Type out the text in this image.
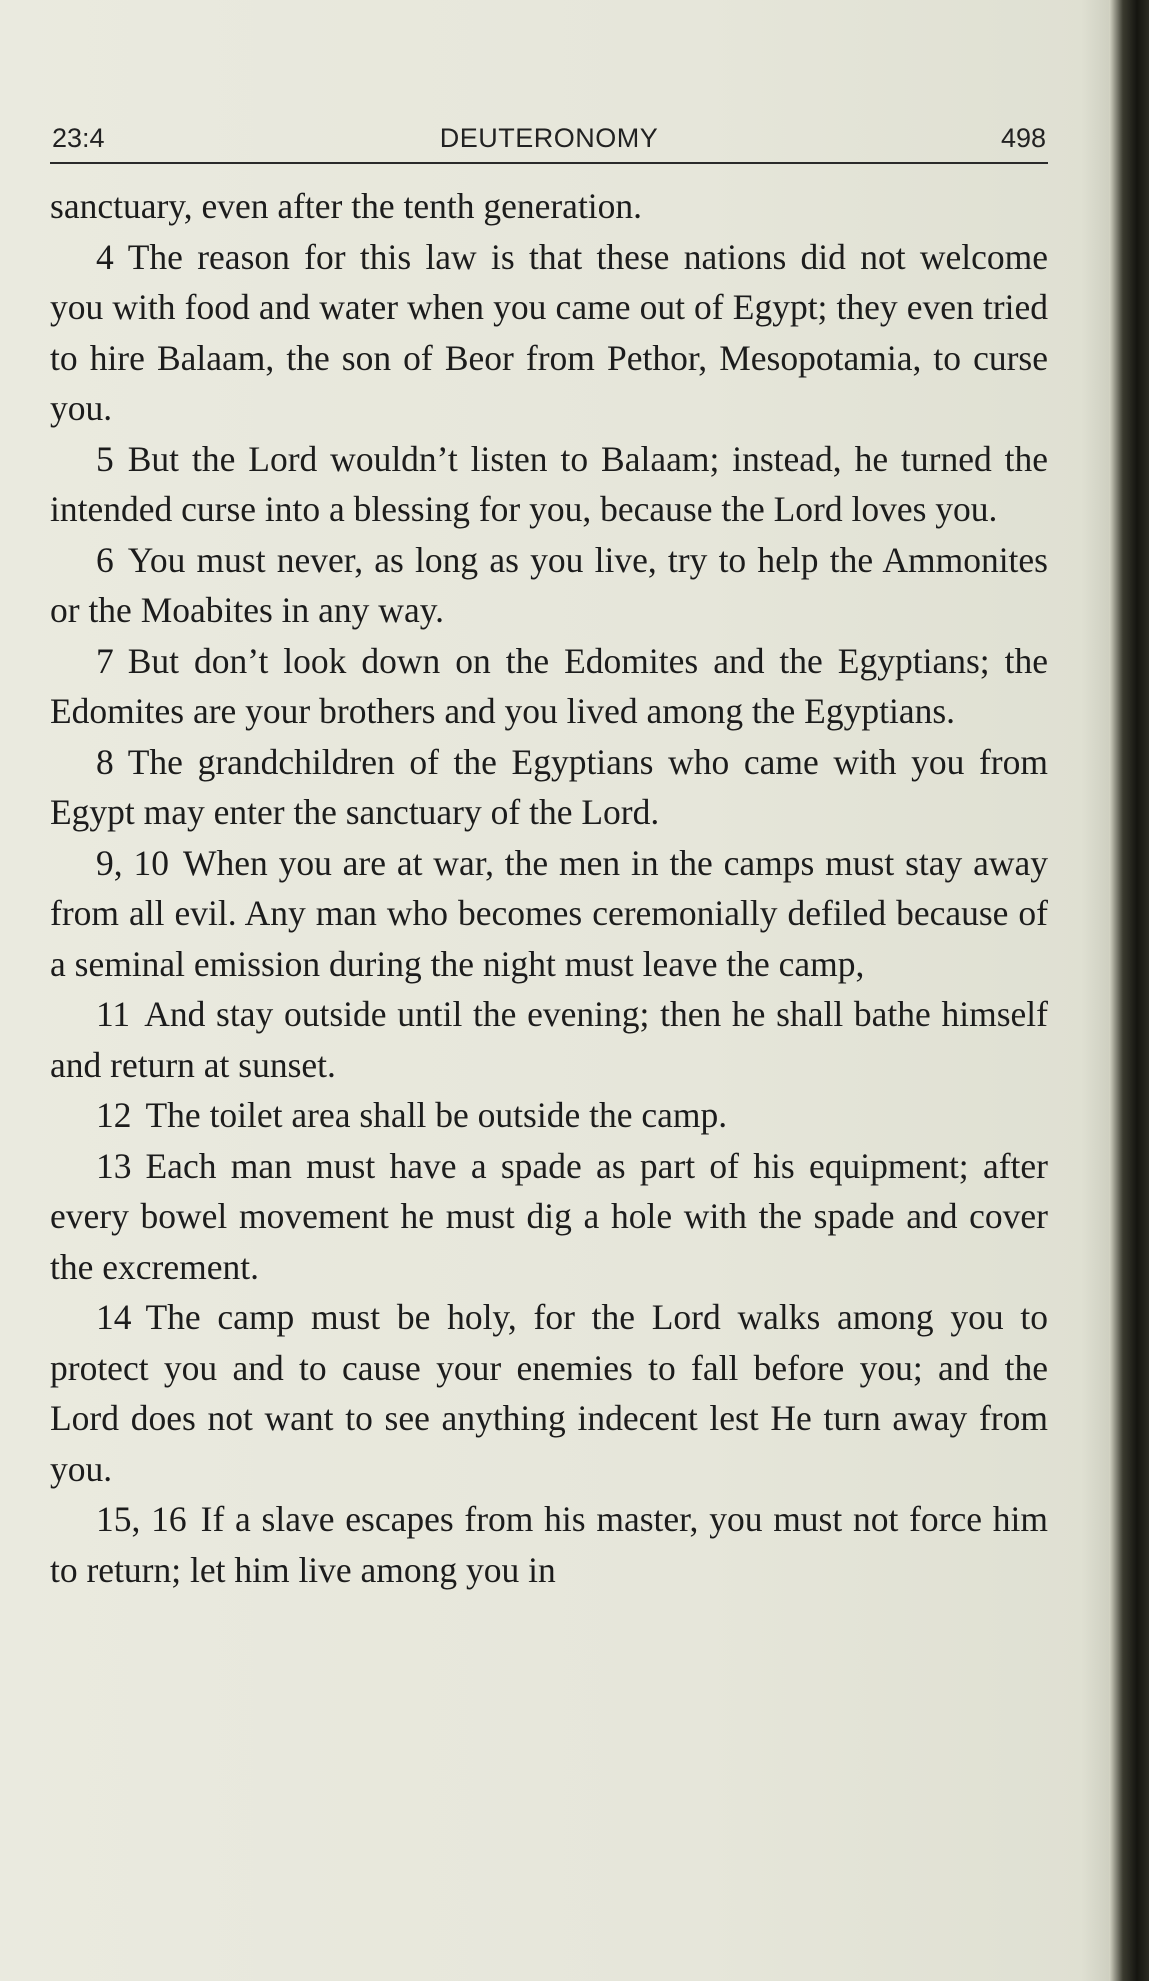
23:4	DEUTERONOMY	498

sanctuary, even after the tenth generation.

4 The reason for this law is that these nations did not welcome you with food and water when you came out of Egypt; they even tried to hire Balaam, the son of Beor from Pethor, Mesopotamia, to curse you.

5 But the Lord wouldn’t listen to Balaam; instead, he turned the intended curse into a blessing for you, because the Lord loves you.

6 You must never, as long as you live, try to help the Ammonites or the Moabites in any way.

7 But don’t look down on the Edomites and the Egyptians; the Edomites are your brothers and you lived among the Egyptians.

8 The grandchildren of the Egyptians who came with you from Egypt may enter the sanctuary of the Lord.

9, 10 When you are at war, the men in the camps must stay away from all evil. Any man who becomes ceremonially defiled because of a seminal emission during the night must leave the camp,

11 And stay outside until the evening; then he shall bathe himself and return at sunset.

12 The toilet area shall be outside the camp.

13 Each man must have a spade as part of his equipment; after every bowel movement he must dig a hole with the spade and cover the excrement.

14 The camp must be holy, for the Lord walks among you to protect you and to cause your enemies to fall before you; and the Lord does not want to see anything indecent lest He turn away from you.

15, 16 If a slave escapes from his master, you must not force him to return; let him live among you in
